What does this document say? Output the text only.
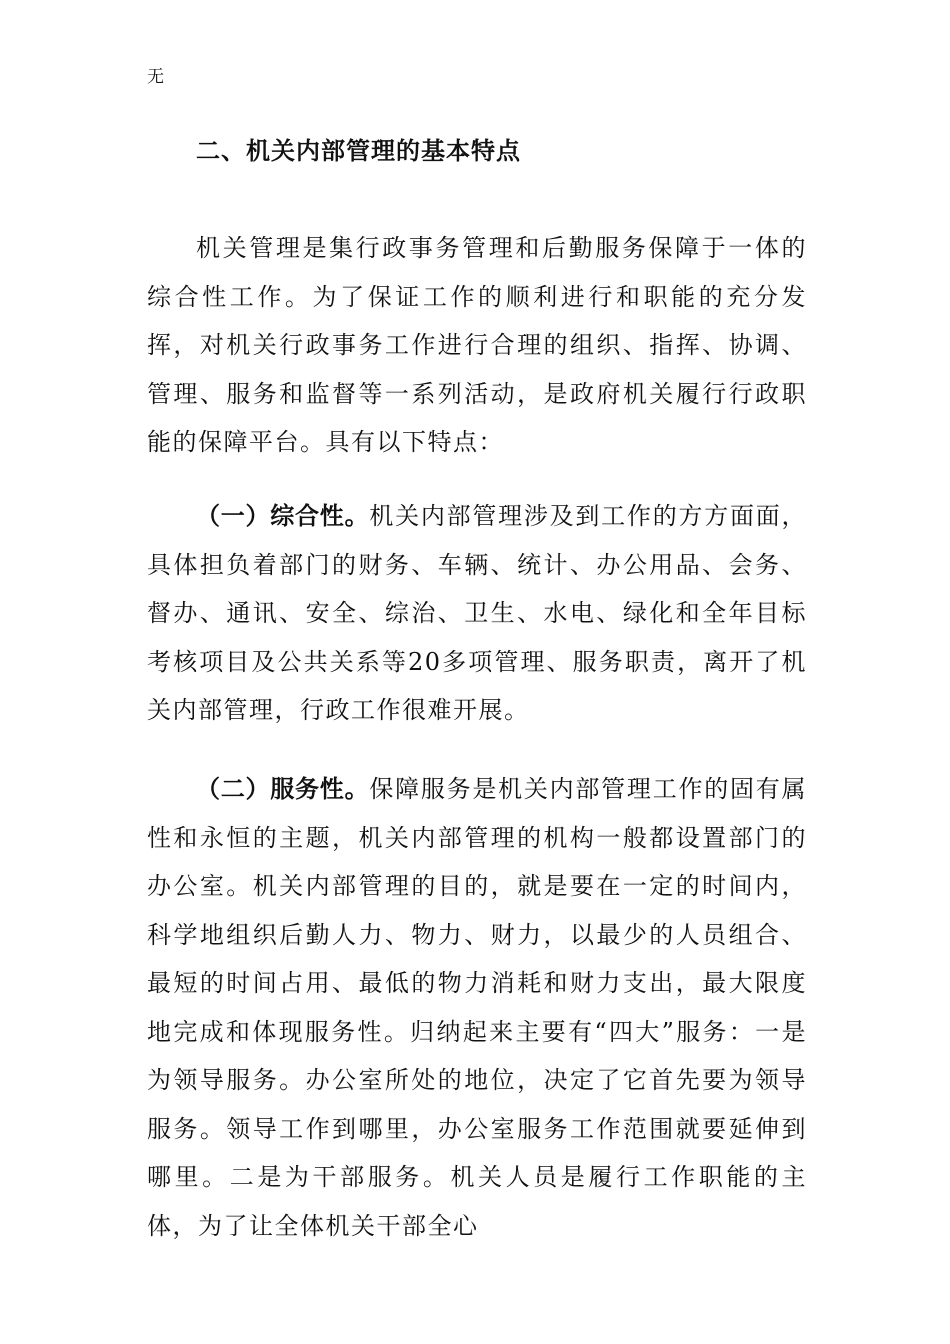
无
二、机关内部管理的基本特点

机关管理是集行政事务管理和后勤服务保障于一体的综合性工作。为了保证工作的顺利进行和职能的充分发挥，对机关行政事务工作进行合理的组织、指挥、协调、管理、服务和监督等一系列活动，是政府机关履行行政职能的保障平台。具有以下特点：

（一）综合性。机关内部管理涉及到工作的方方面面，具体担负着部门的财务、车辆、统计、办公用品、会务、督办、通讯、安全、综治、卫生、水电、绿化和全年目标考核项目及公共关系等20多项管理、服务职责，离开了机关内部管理，行政工作很难开展。

（二）服务性。保障服务是机关内部管理工作的固有属性和永恒的主题，机关内部管理的机构一般都设置部门的办公室。机关内部管理的目的，就是要在一定的时间内，科学地组织后勤人力、物力、财力，以最少的人员组合、最短的时间占用、最低的物力消耗和财力支出，最大限度地完成和体现服务性。归纳起来主要有“四大”服务：一是为领导服务。办公室所处的地位，决定了它首先要为领导服务。领导工作到哪里，办公室服务工作范围就要延伸到哪里。二是为干部服务。机关人员是履行工作职能的主体，为了让全体机关干部全心
